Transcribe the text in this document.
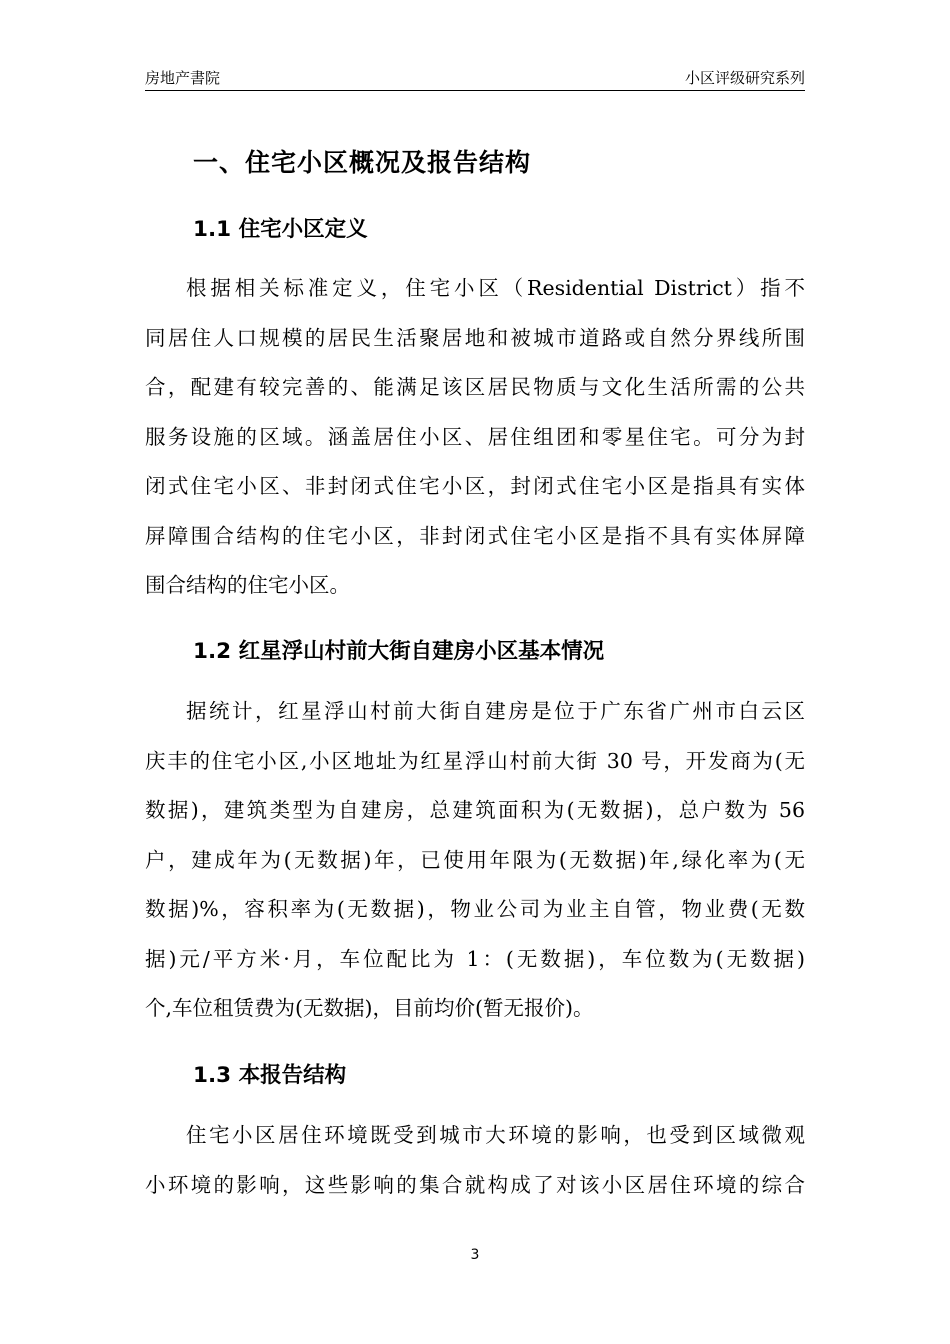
房地产書院	小区评级研究系列
一、住宅小区概况及报告结构
1.1 住宅小区定义
根据相关标准定义，住宅小区（Residential District）指不
同居住人口规模的居民生活聚居地和被城市道路或自然分界线所围
合，配建有较完善的、能满足该区居民物质与文化生活所需的公共
服务设施的区域。涵盖居住小区、居住组团和零星住宅。可分为封
闭式住宅小区、非封闭式住宅小区，封闭式住宅小区是指具有实体
屏障围合结构的住宅小区，非封闭式住宅小区是指不具有实体屏障
围合结构的住宅小区。
1.2 红星浮山村前大街自建房小区基本情况
据统计，红星浮山村前大街自建房是位于广东省广州市白云区
庆丰的住宅小区,小区地址为红星浮山村前大街 30 号，开发商为(无
数据)，建筑类型为自建房，总建筑面积为(无数据)，总户数为 56
户，建成年为(无数据)年，已使用年限为(无数据)年,绿化率为(无
数据)%，容积率为(无数据)，物业公司为业主自管，物业费(无数
据)元/平方米·月，车位配比为 1：(无数据)，车位数为(无数据)
个,车位租赁费为(无数据)，目前均价(暂无报价)。
1.3 本报告结构
住宅小区居住环境既受到城市大环境的影响，也受到区域微观
小环境的影响，这些影响的集合就构成了对该小区居住环境的综合
3
